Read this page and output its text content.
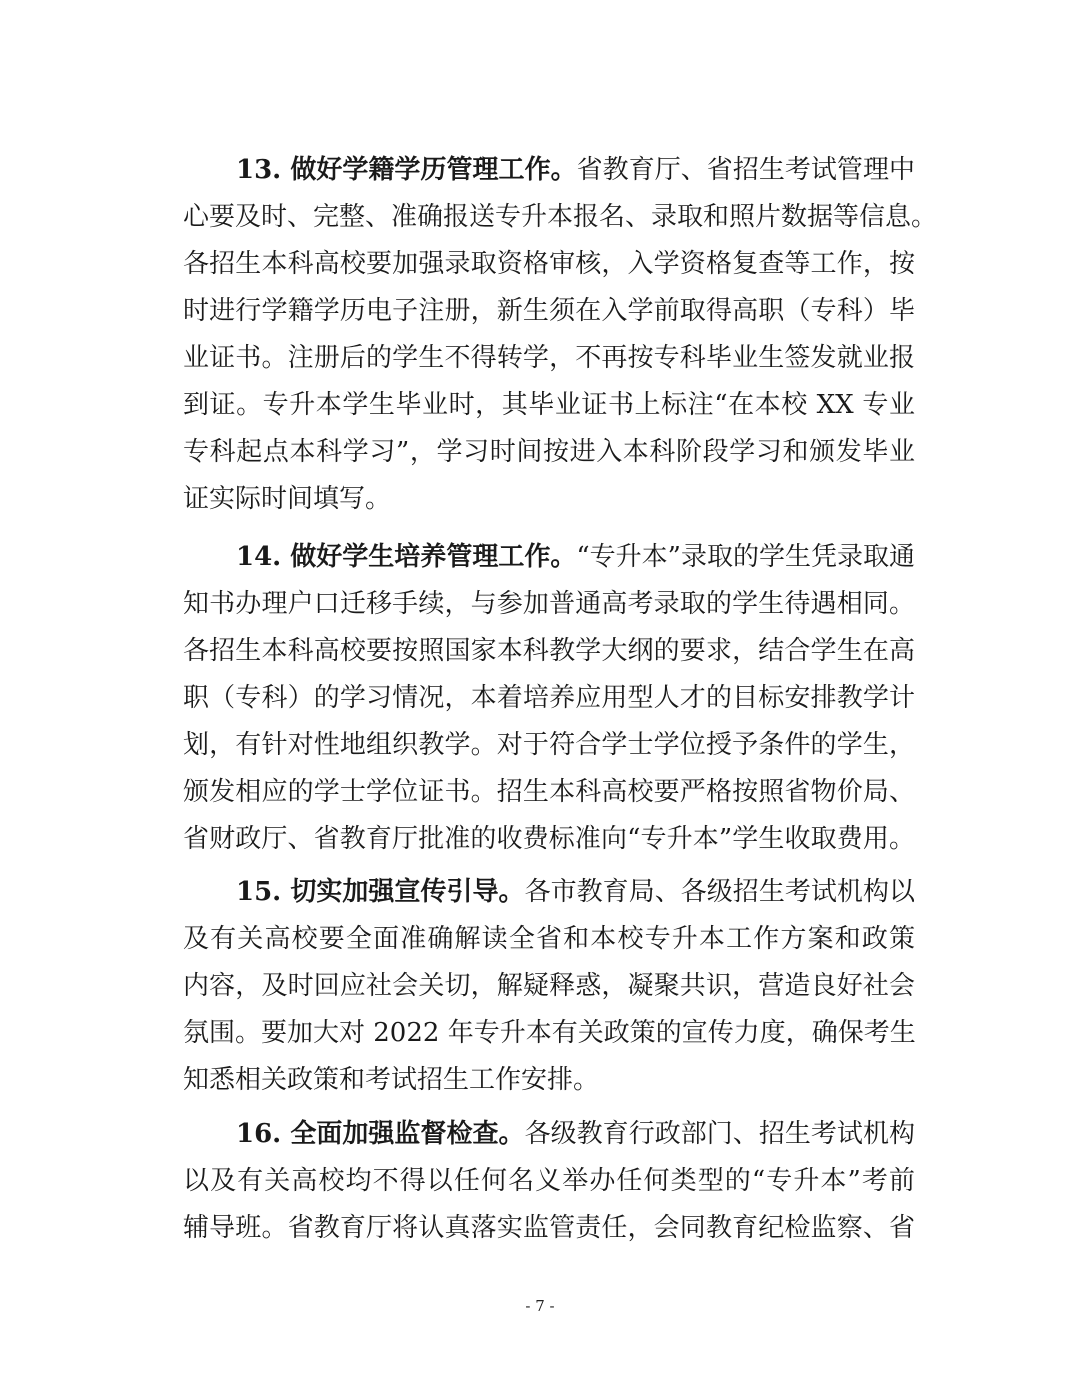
13. 做好学籍学历管理工作。省教育厅、省招生考试管理中
心要及时、完整、准确报送专升本报名、录取和照片数据等信息。
各招生本科高校要加强录取资格审核，入学资格复查等工作，按
时进行学籍学历电子注册，新生须在入学前取得高职（专科）毕
业证书。注册后的学生不得转学，不再按专科毕业生签发就业报
到证。专升本学生毕业时，其毕业证书上标注“在本校 XX 专业
专科起点本科学习”，学习时间按进入本科阶段学习和颁发毕业
证实际时间填写。
14. 做好学生培养管理工作。“专升本”录取的学生凭录取通
知书办理户口迁移手续，与参加普通高考录取的学生待遇相同。
各招生本科高校要按照国家本科教学大纲的要求，结合学生在高
职（专科）的学习情况，本着培养应用型人才的目标安排教学计
划，有针对性地组织教学。对于符合学士学位授予条件的学生，
颁发相应的学士学位证书。招生本科高校要严格按照省物价局、
省财政厅、省教育厅批准的收费标准向“专升本”学生收取费用。
15. 切实加强宣传引导。各市教育局、各级招生考试机构以
及有关高校要全面准确解读全省和本校专升本工作方案和政策
内容，及时回应社会关切，解疑释惑，凝聚共识，营造良好社会
氛围。要加大对 2022 年专升本有关政策的宣传力度，确保考生
知悉相关政策和考试招生工作安排。
16. 全面加强监督检查。各级教育行政部门、招生考试机构
以及有关高校均不得以任何名义举办任何类型的“专升本”考前
辅导班。省教育厅将认真落实监管责任，会同教育纪检监察、省
- 7 -
